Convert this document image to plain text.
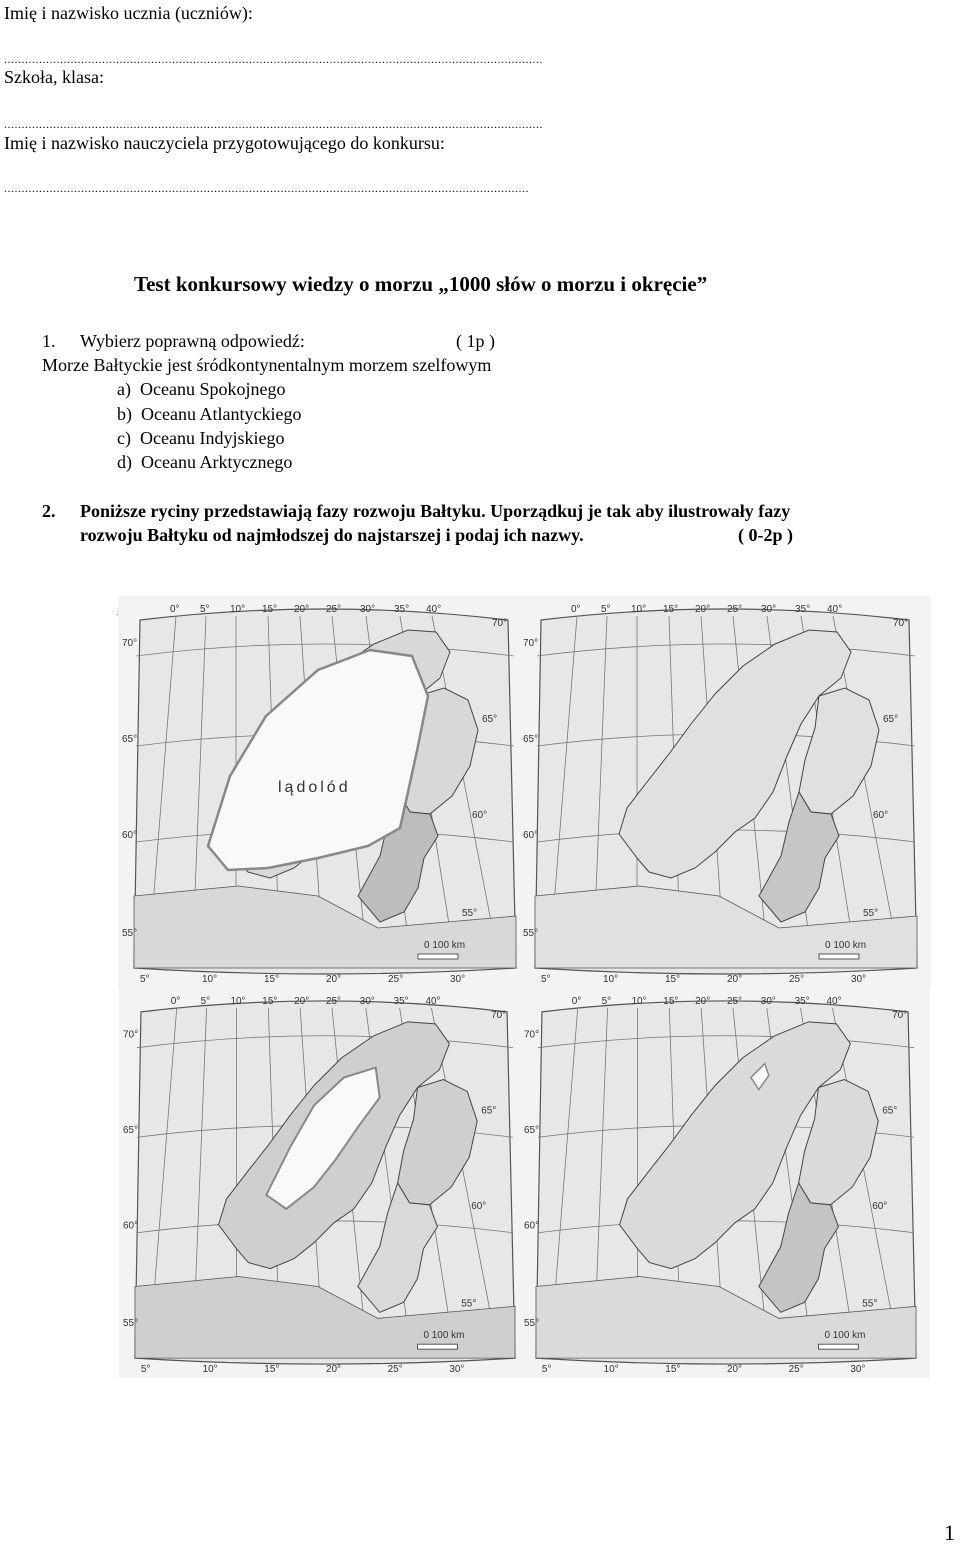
Imię i nazwisko ucznia (uczniów):
..........................................................................................................................................................
Szkoła, klasa:
..........................................................................................................................................................
Imię i nazwisko nauczyciela przygotowującego do konkursu:
......................................................................................................................................................
Test konkursowy wiedzy o morzu „1000 słów o morzu i okręcie”
1. Wybierz poprawną odpowiedź:	( 1p )
Morze Bałtyckie jest śródkontynentalnym morzem szelfowym
a)  Oceanu Spokojnego
b)  Oceanu Atlantyckiego
c)  Oceanu Indyjskiego
d)  Oceanu Arktycznego
2. Poniższe ryciny przedstawiają fazy rozwoju Bałtyku. Uporządkuj je tak aby ilustrowały fazy
rozwoju Bałtyku od najmłodszej do najstarszej i podaj ich nazwy.	( 0-2p )
0° 5° 10° 15° 20° 25° 30° 35° 40°
5°	10°	15°	20°	25°	30°
70°
70°
65°
65°
60°
60°
55°
55°
0 100 km
lądolód
0° 5° 10° 15° 20° 25° 30° 35° 40°
5°	10°	15°	20°	25°	30°
70°
70°
65°
65°
60°
60°
55°
55°
0 100 km
0° 5° 10° 15° 20° 25° 30° 35° 40°
5°	10°	15°	20°	25°	30°
70°
70°
65°
65°
60°
60°
55°
55°
0 100 km
0° 5° 10° 15° 20° 25° 30° 35° 40°
5°	10°	15°	20°	25°	30°
70°
70°
65°
65°
60°
60°
55°
55°
0 100 km
1
